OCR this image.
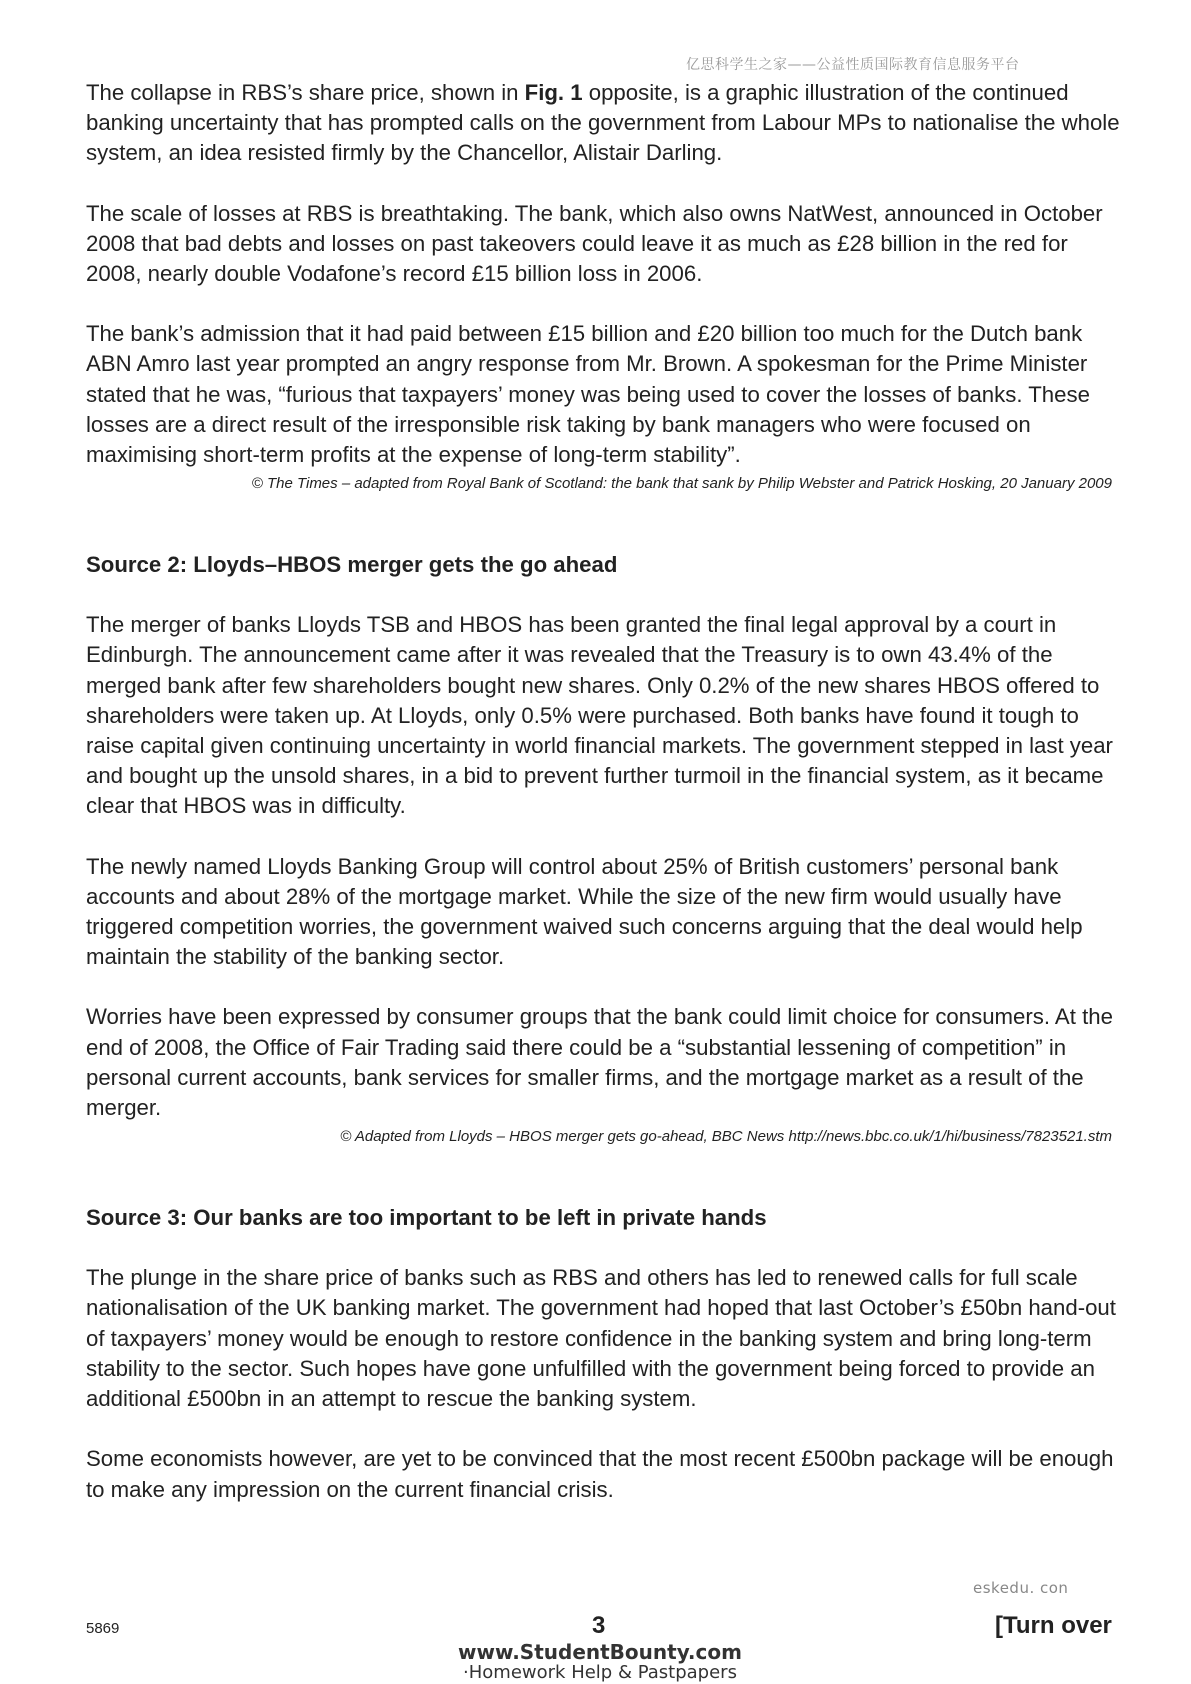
亿思科学生之家——公益性质国际教育信息服务平台

The collapse in RBS’s share price, shown in Fig. 1 opposite, is a graphic illustration of the continued banking uncertainty that has prompted calls on the government from Labour MPs to nationalise the whole system, an idea resisted firmly by the Chancellor, Alistair Darling.

The scale of losses at RBS is breathtaking. The bank, which also owns NatWest, announced in October 2008 that bad debts and losses on past takeovers could leave it as much as £28 billion in the red for 2008, nearly double Vodafone’s record £15 billion loss in 2006.

The bank’s admission that it had paid between £15 billion and £20 billion too much for the Dutch bank ABN Amro last year prompted an angry response from Mr. Brown. A spokesman for the Prime Minister stated that he was, “furious that taxpayers’ money was being used to cover the losses of banks. These losses are a direct result of the irresponsible risk taking by bank managers who were focused on maximising short-term profits at the expense of long-term stability”.

© The Times – adapted from Royal Bank of Scotland: the bank that sank by Philip Webster and Patrick Hosking, 20 January 2009
Source 2: Lloyds–HBOS merger gets the go ahead

The merger of banks Lloyds TSB and HBOS has been granted the final legal approval by a court in Edinburgh. The announcement came after it was revealed that the Treasury is to own 43.4% of the merged bank after few shareholders bought new shares. Only 0.2% of the new shares HBOS offered to shareholders were taken up. At Lloyds, only 0.5% were purchased. Both banks have found it tough to raise capital given continuing uncertainty in world financial markets. The government stepped in last year and bought up the unsold shares, in a bid to prevent further turmoil in the financial system, as it became clear that HBOS was in difficulty.

The newly named Lloyds Banking Group will control about 25% of British customers’ personal bank accounts and about 28% of the mortgage market. While the size of the new firm would usually have triggered competition worries, the government waived such concerns arguing that the deal would help maintain the stability of the banking sector.

Worries have been expressed by consumer groups that the bank could limit choice for consumers. At the end of 2008, the Office of Fair Trading said there could be a “substantial lessening of competition” in personal current accounts, bank services for smaller firms, and the mortgage market as a result of the merger.

© Adapted from Lloyds – HBOS merger gets go-ahead, BBC News http://news.bbc.co.uk/1/hi/business/7823521.stm
Source 3: Our banks are too important to be left in private hands

The plunge in the share price of banks such as RBS and others has led to renewed calls for full scale nationalisation of the UK banking market. The government had hoped that last October’s £50bn hand-out of taxpayers’ money would be enough to restore confidence in the banking system and bring long-term stability to the sector. Such hopes have gone unfulfilled with the government being forced to provide an additional £500bn in an attempt to rescue the banking system.

Some economists however, are yet to be convinced that the most recent £500bn package will be enough to make any impression on the current financial crisis.

eskedu. con
5869	3	[Turn over
www.StudentBounty.com
·Homework Help & Pastpapers
